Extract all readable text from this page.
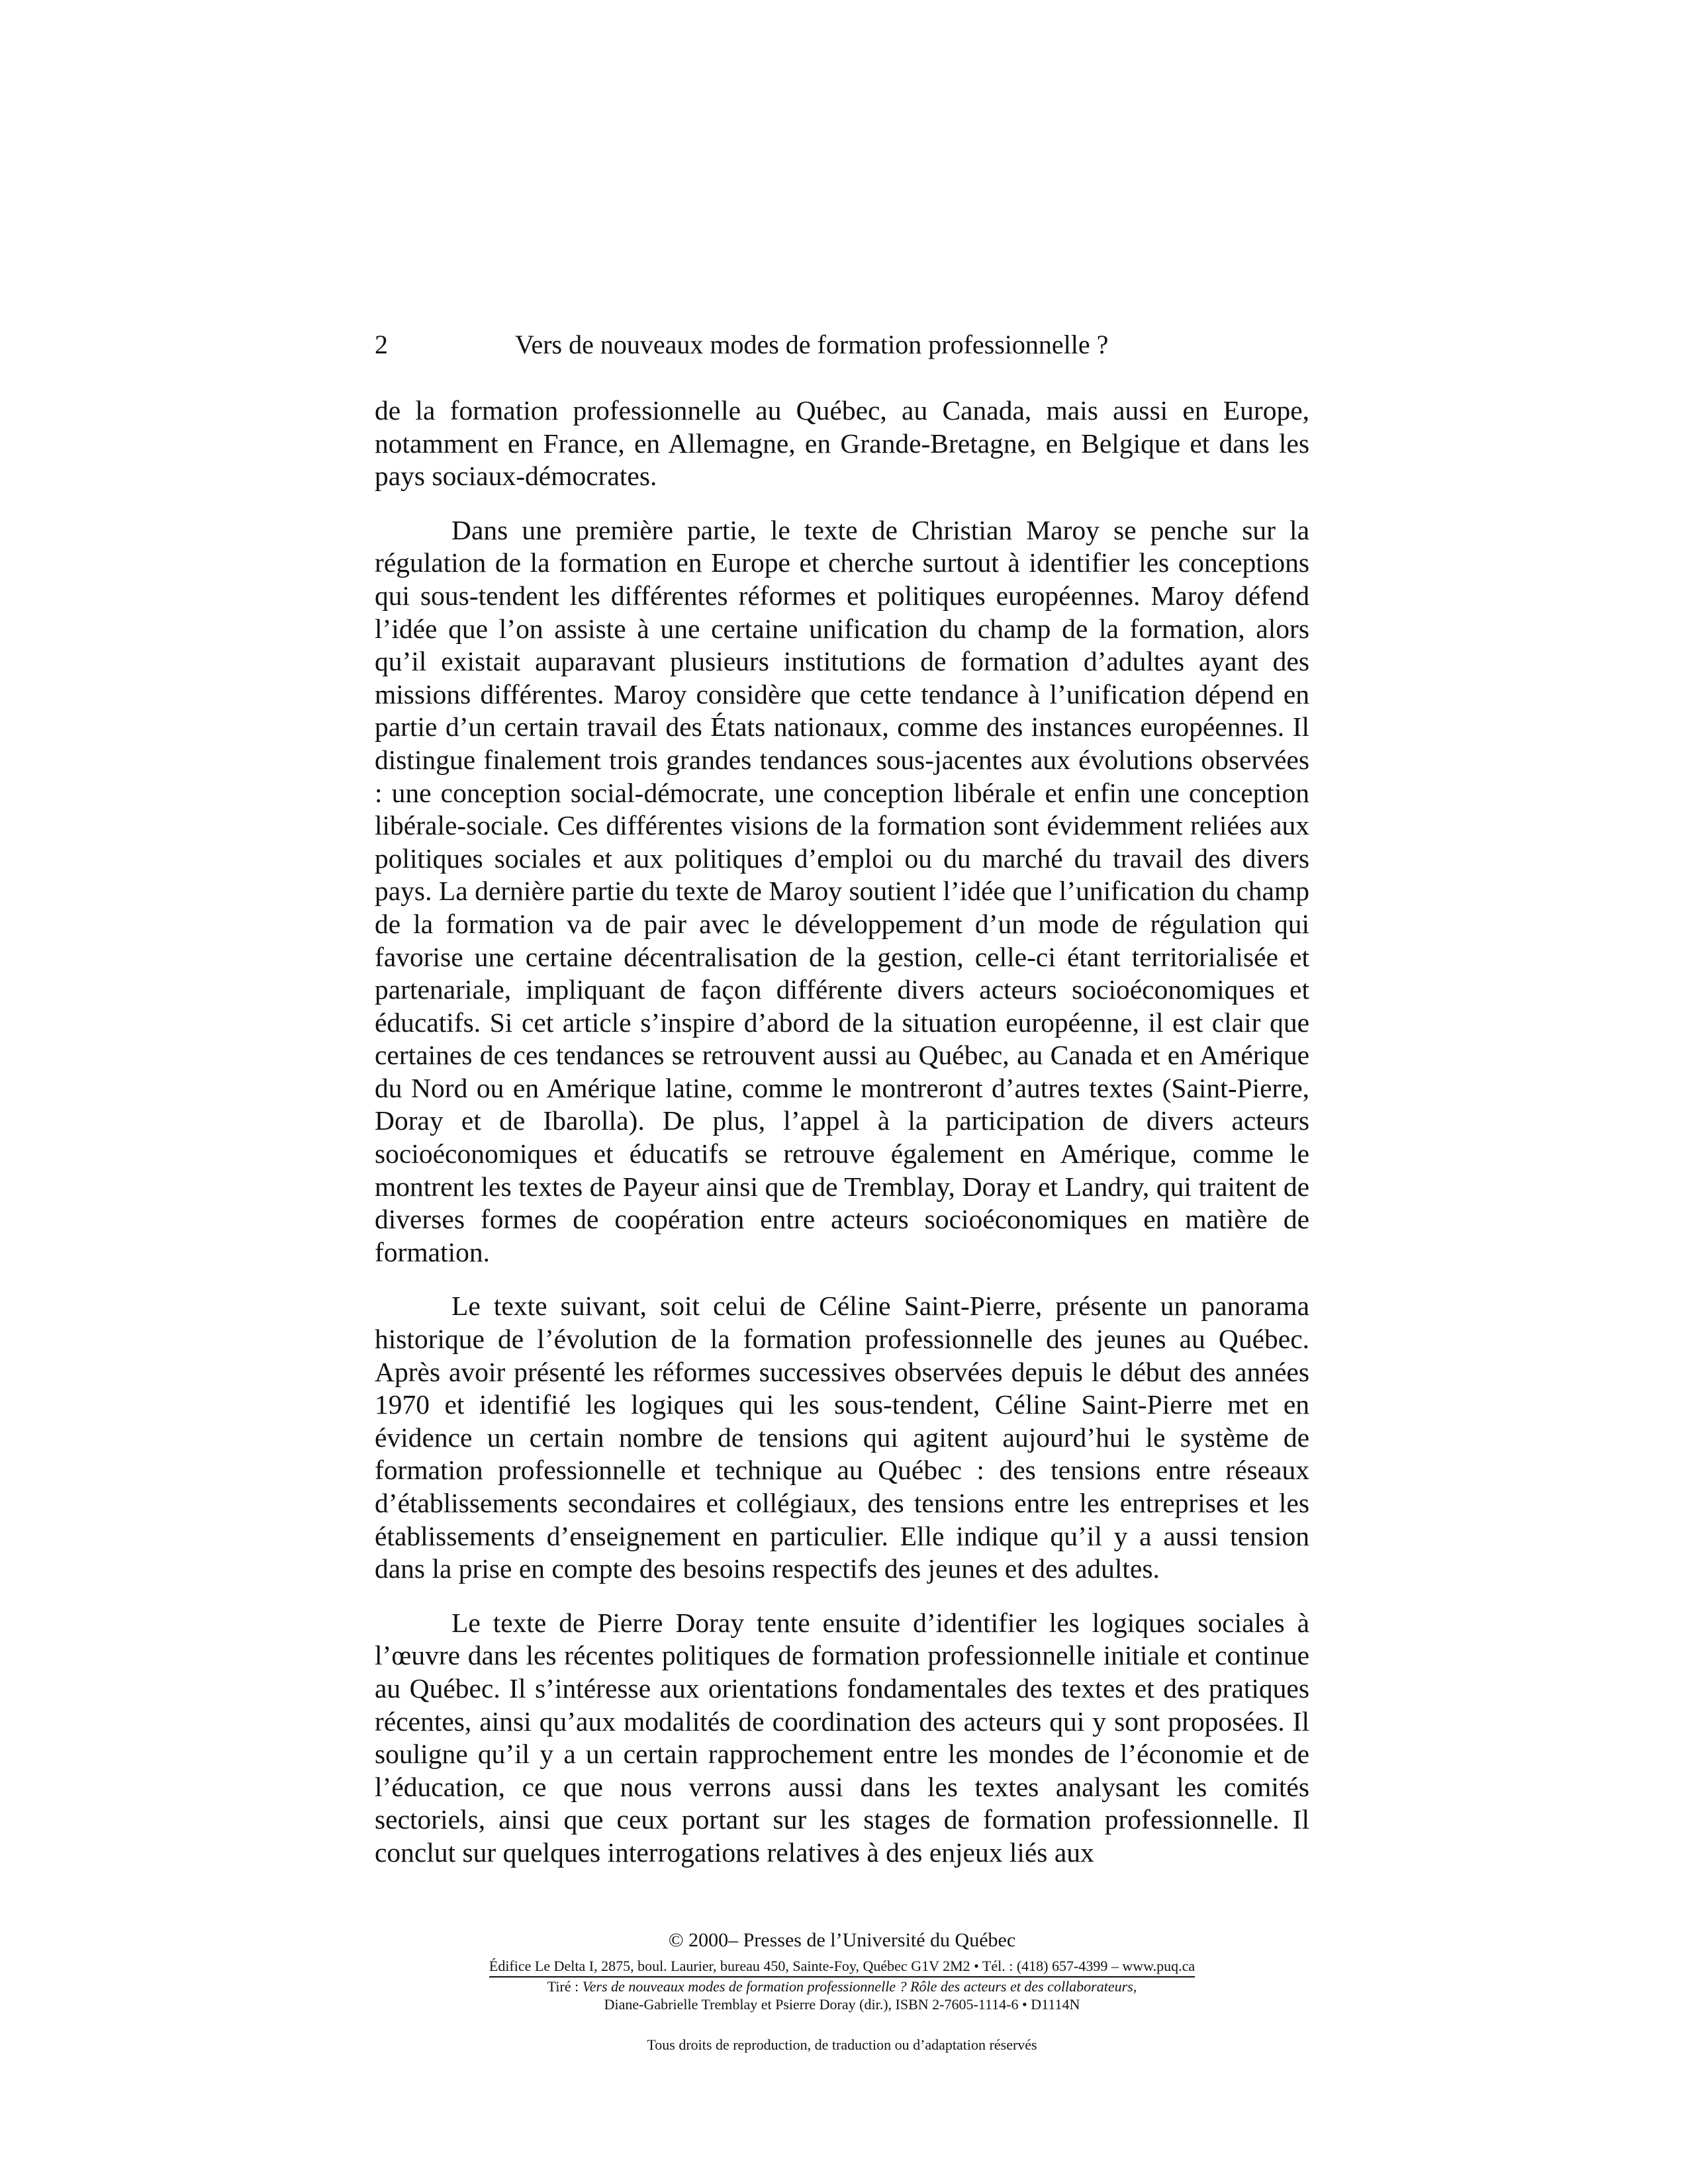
2	Vers de nouveaux modes de formation professionnelle ?

de la formation professionnelle au Québec, au Canada, mais aussi en Europe, notamment en France, en Allemagne, en Grande-Bretagne, en Belgique et dans les pays sociaux-démocrates.

Dans une première partie, le texte de Christian Maroy se penche sur la régulation de la formation en Europe et cherche surtout à identifier les conceptions qui sous-tendent les différentes réformes et politiques européennes. Maroy défend l’idée que l’on assiste à une certaine unification du champ de la formation, alors qu’il existait auparavant plusieurs institutions de formation d’adultes ayant des missions différentes. Maroy considère que cette tendance à l’unification dépend en partie d’un certain travail des États nationaux, comme des instances européennes. Il distingue finalement trois grandes tendances sous-jacentes aux évolutions observées : une conception social-démocrate, une conception libérale et enfin une conception libérale-sociale. Ces différentes visions de la formation sont évidemment reliées aux politiques sociales et aux politiques d’emploi ou du marché du travail des divers pays. La dernière partie du texte de Maroy soutient l’idée que l’unification du champ de la formation va de pair avec le développement d’un mode de régulation qui favorise une certaine décentralisation de la gestion, celle-ci étant territorialisée et partenariale, impliquant de façon différente divers acteurs socioéconomiques et éducatifs. Si cet article s’inspire d’abord de la situation européenne, il est clair que certaines de ces tendances se retrouvent aussi au Québec, au Canada et en Amérique du Nord ou en Amérique latine, comme le montreront d’autres textes (Saint-Pierre, Doray et de Ibarolla). De plus, l’appel à la participation de divers acteurs socioéconomiques et éducatifs se retrouve également en Amérique, comme le montrent les textes de Payeur ainsi que de Tremblay, Doray et Landry, qui traitent de diverses formes de coopération entre acteurs socioéconomiques en matière de formation.

Le texte suivant, soit celui de Céline Saint-Pierre, présente un panorama historique de l’évolution de la formation professionnelle des jeunes au Québec. Après avoir présenté les réformes successives observées depuis le début des années 1970 et identifié les logiques qui les sous-tendent, Céline Saint-Pierre met en évidence un certain nombre de tensions qui agitent aujourd’hui le système de formation professionnelle et technique au Québec : des tensions entre réseaux d’établissements secondaires et collégiaux, des tensions entre les entreprises et les établissements d’enseignement en particulier. Elle indique qu’il y a aussi tension dans la prise en compte des besoins respectifs des jeunes et des adultes.

Le texte de Pierre Doray tente ensuite d’identifier les logiques sociales à l’œuvre dans les récentes politiques de formation professionnelle initiale et continue au Québec. Il s’intéresse aux orientations fondamentales des textes et des pratiques récentes, ainsi qu’aux modalités de coordination des acteurs qui y sont proposées. Il souligne qu’il y a un certain rapprochement entre les mondes de l’économie et de l’éducation, ce que nous verrons aussi dans les textes analysant les comités sectoriels, ainsi que ceux portant sur les stages de formation professionnelle. Il conclut sur quelques interrogations relatives à des enjeux liés aux

© 2000– Presses de l’Université du Québec
Édifice Le Delta I, 2875, boul. Laurier, bureau 450, Sainte-Foy, Québec G1V 2M2 • Tél. : (418) 657-4399 – www.puq.ca
Tiré : Vers de nouveaux modes de formation professionnelle ? Rôle des acteurs et des collaborateurs,
Diane-Gabrielle Tremblay et Psierre Doray (dir.), ISBN 2-7605-1114-6 • D1114N
Tous droits de reproduction, de traduction ou d’adaptation réservés
